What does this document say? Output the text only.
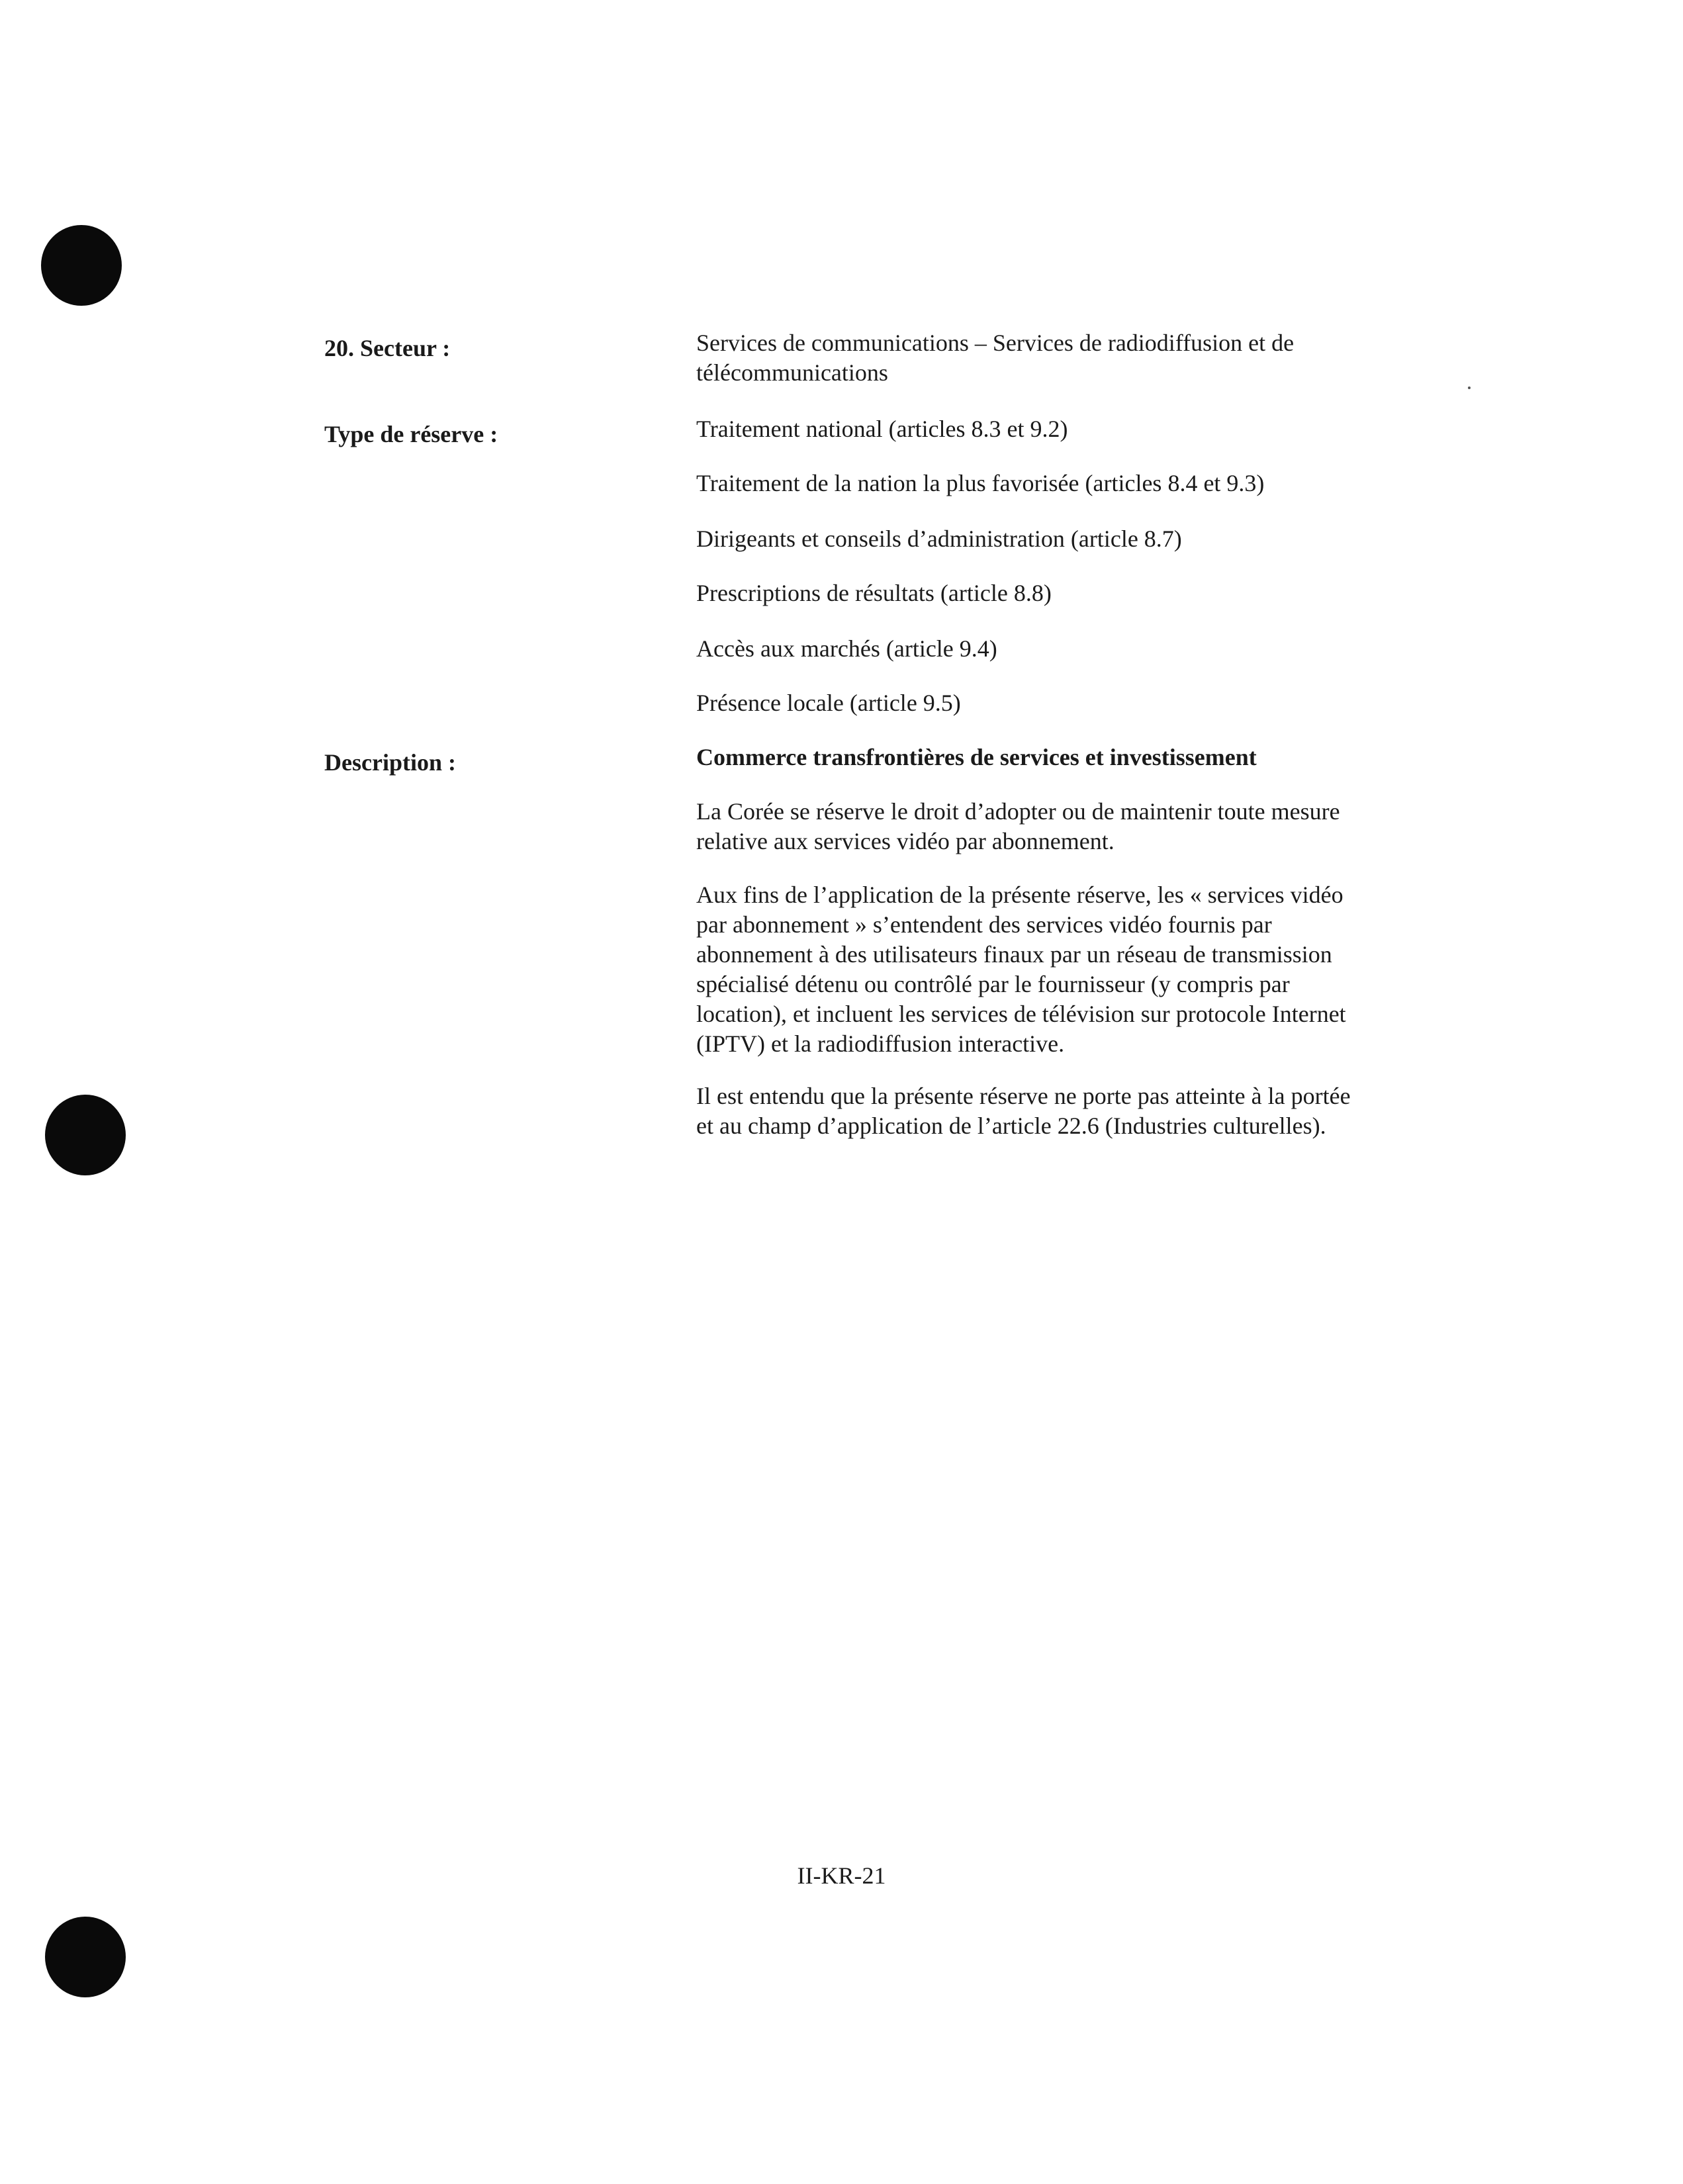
20. Secteur :	Services de communications – Services de radiodiffusion et de télécommunications
Type de réserve :	Traitement national (articles 8.3 et 9.2)
Traitement de la nation la plus favorisée (articles 8.4 et 9.3)
Dirigeants et conseils d’administration (article 8.7)
Prescriptions de résultats (article 8.8)
Accès aux marchés (article 9.4)
Présence locale (article 9.5)
Description :	Commerce transfrontières de services et investissement
La Corée se réserve le droit d’adopter ou de maintenir toute mesure relative aux services vidéo par abonnement.
Aux fins de l’application de la présente réserve, les « services vidéo par abonnement » s’entendent des services vidéo fournis par abonnement à des utilisateurs finaux par un réseau de transmission spécialisé détenu ou contrôlé par le fournisseur (y compris par location), et incluent les services de télévision sur protocole Internet (IPTV) et la radiodiffusion interactive.
Il est entendu que la présente réserve ne porte pas atteinte à la portée et au champ d’application de l’article 22.6 (Industries culturelles).
II-KR-21
